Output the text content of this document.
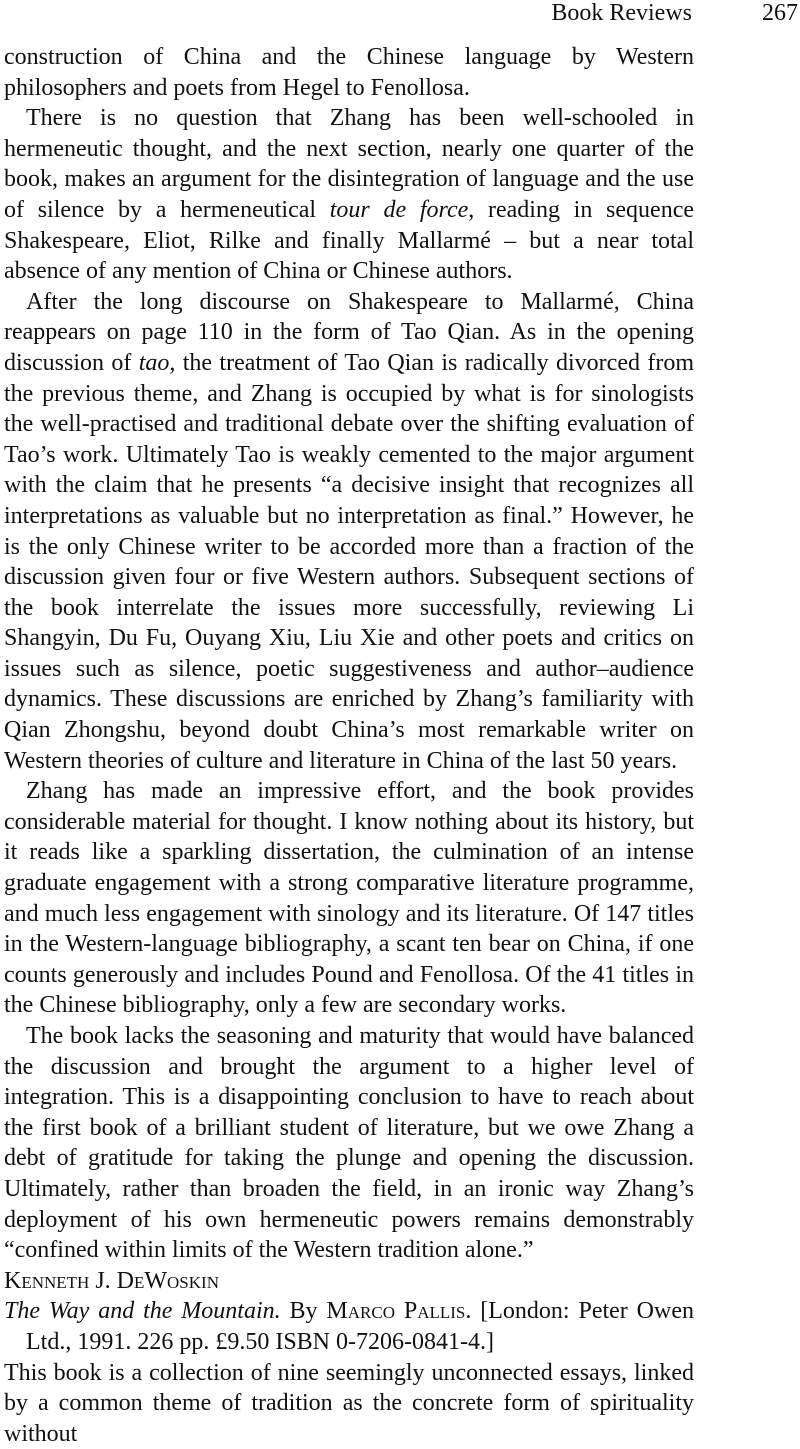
Book Reviews	267

construction of China and the Chinese language by Western philosophers and poets from Hegel to Fenollosa.

There is no question that Zhang has been well-schooled in hermeneutic thought, and the next section, nearly one quarter of the book, makes an argument for the disintegration of language and the use of silence by a hermeneutical tour de force, reading in sequence Shakespeare, Eliot, Rilke and finally Mallarmé – but a near total absence of any mention of China or Chinese authors.

After the long discourse on Shakespeare to Mallarmé, China reappears on page 110 in the form of Tao Qian. As in the opening discussion of tao, the treatment of Tao Qian is radically divorced from the previous theme, and Zhang is occupied by what is for sinologists the well-practised and traditional debate over the shifting evaluation of Tao’s work. Ultimately Tao is weakly cemented to the major argument with the claim that he presents “a decisive insight that recognizes all interpretations as valuable but no interpretation as final.” However, he is the only Chinese writer to be accorded more than a fraction of the discussion given four or five Western authors. Subsequent sections of the book interrelate the issues more successfully, reviewing Li Shangyin, Du Fu, Ouyang Xiu, Liu Xie and other poets and critics on issues such as silence, poetic suggestiveness and author–audience dynamics. These discussions are enriched by Zhang’s familiarity with Qian Zhongshu, beyond doubt China’s most remarkable writer on Western theories of culture and literature in China of the last 50 years.

Zhang has made an impressive effort, and the book provides considerable material for thought. I know nothing about its history, but it reads like a sparkling dissertation, the culmination of an intense graduate engagement with a strong comparative literature programme, and much less engagement with sinology and its literature. Of 147 titles in the Western-language bibliography, a scant ten bear on China, if one counts generously and includes Pound and Fenollosa. Of the 41 titles in the Chinese bibliography, only a few are secondary works.

The book lacks the seasoning and maturity that would have balanced the discussion and brought the argument to a higher level of integration. This is a disappointing conclusion to have to reach about the first book of a brilliant student of literature, but we owe Zhang a debt of gratitude for taking the plunge and opening the discussion. Ultimately, rather than broaden the field, in an ironic way Zhang’s deployment of his own hermeneutic powers remains demonstrably “confined within limits of the Western tradition alone.”

Kenneth J. DeWoskin

The Way and the Mountain. By Marco Pallis. [London: Peter Owen Ltd., 1991. 226 pp. £9.50 ISBN 0-7206-0841-4.]

This book is a collection of nine seemingly unconnected essays, linked by a common theme of tradition as the concrete form of spirituality without
